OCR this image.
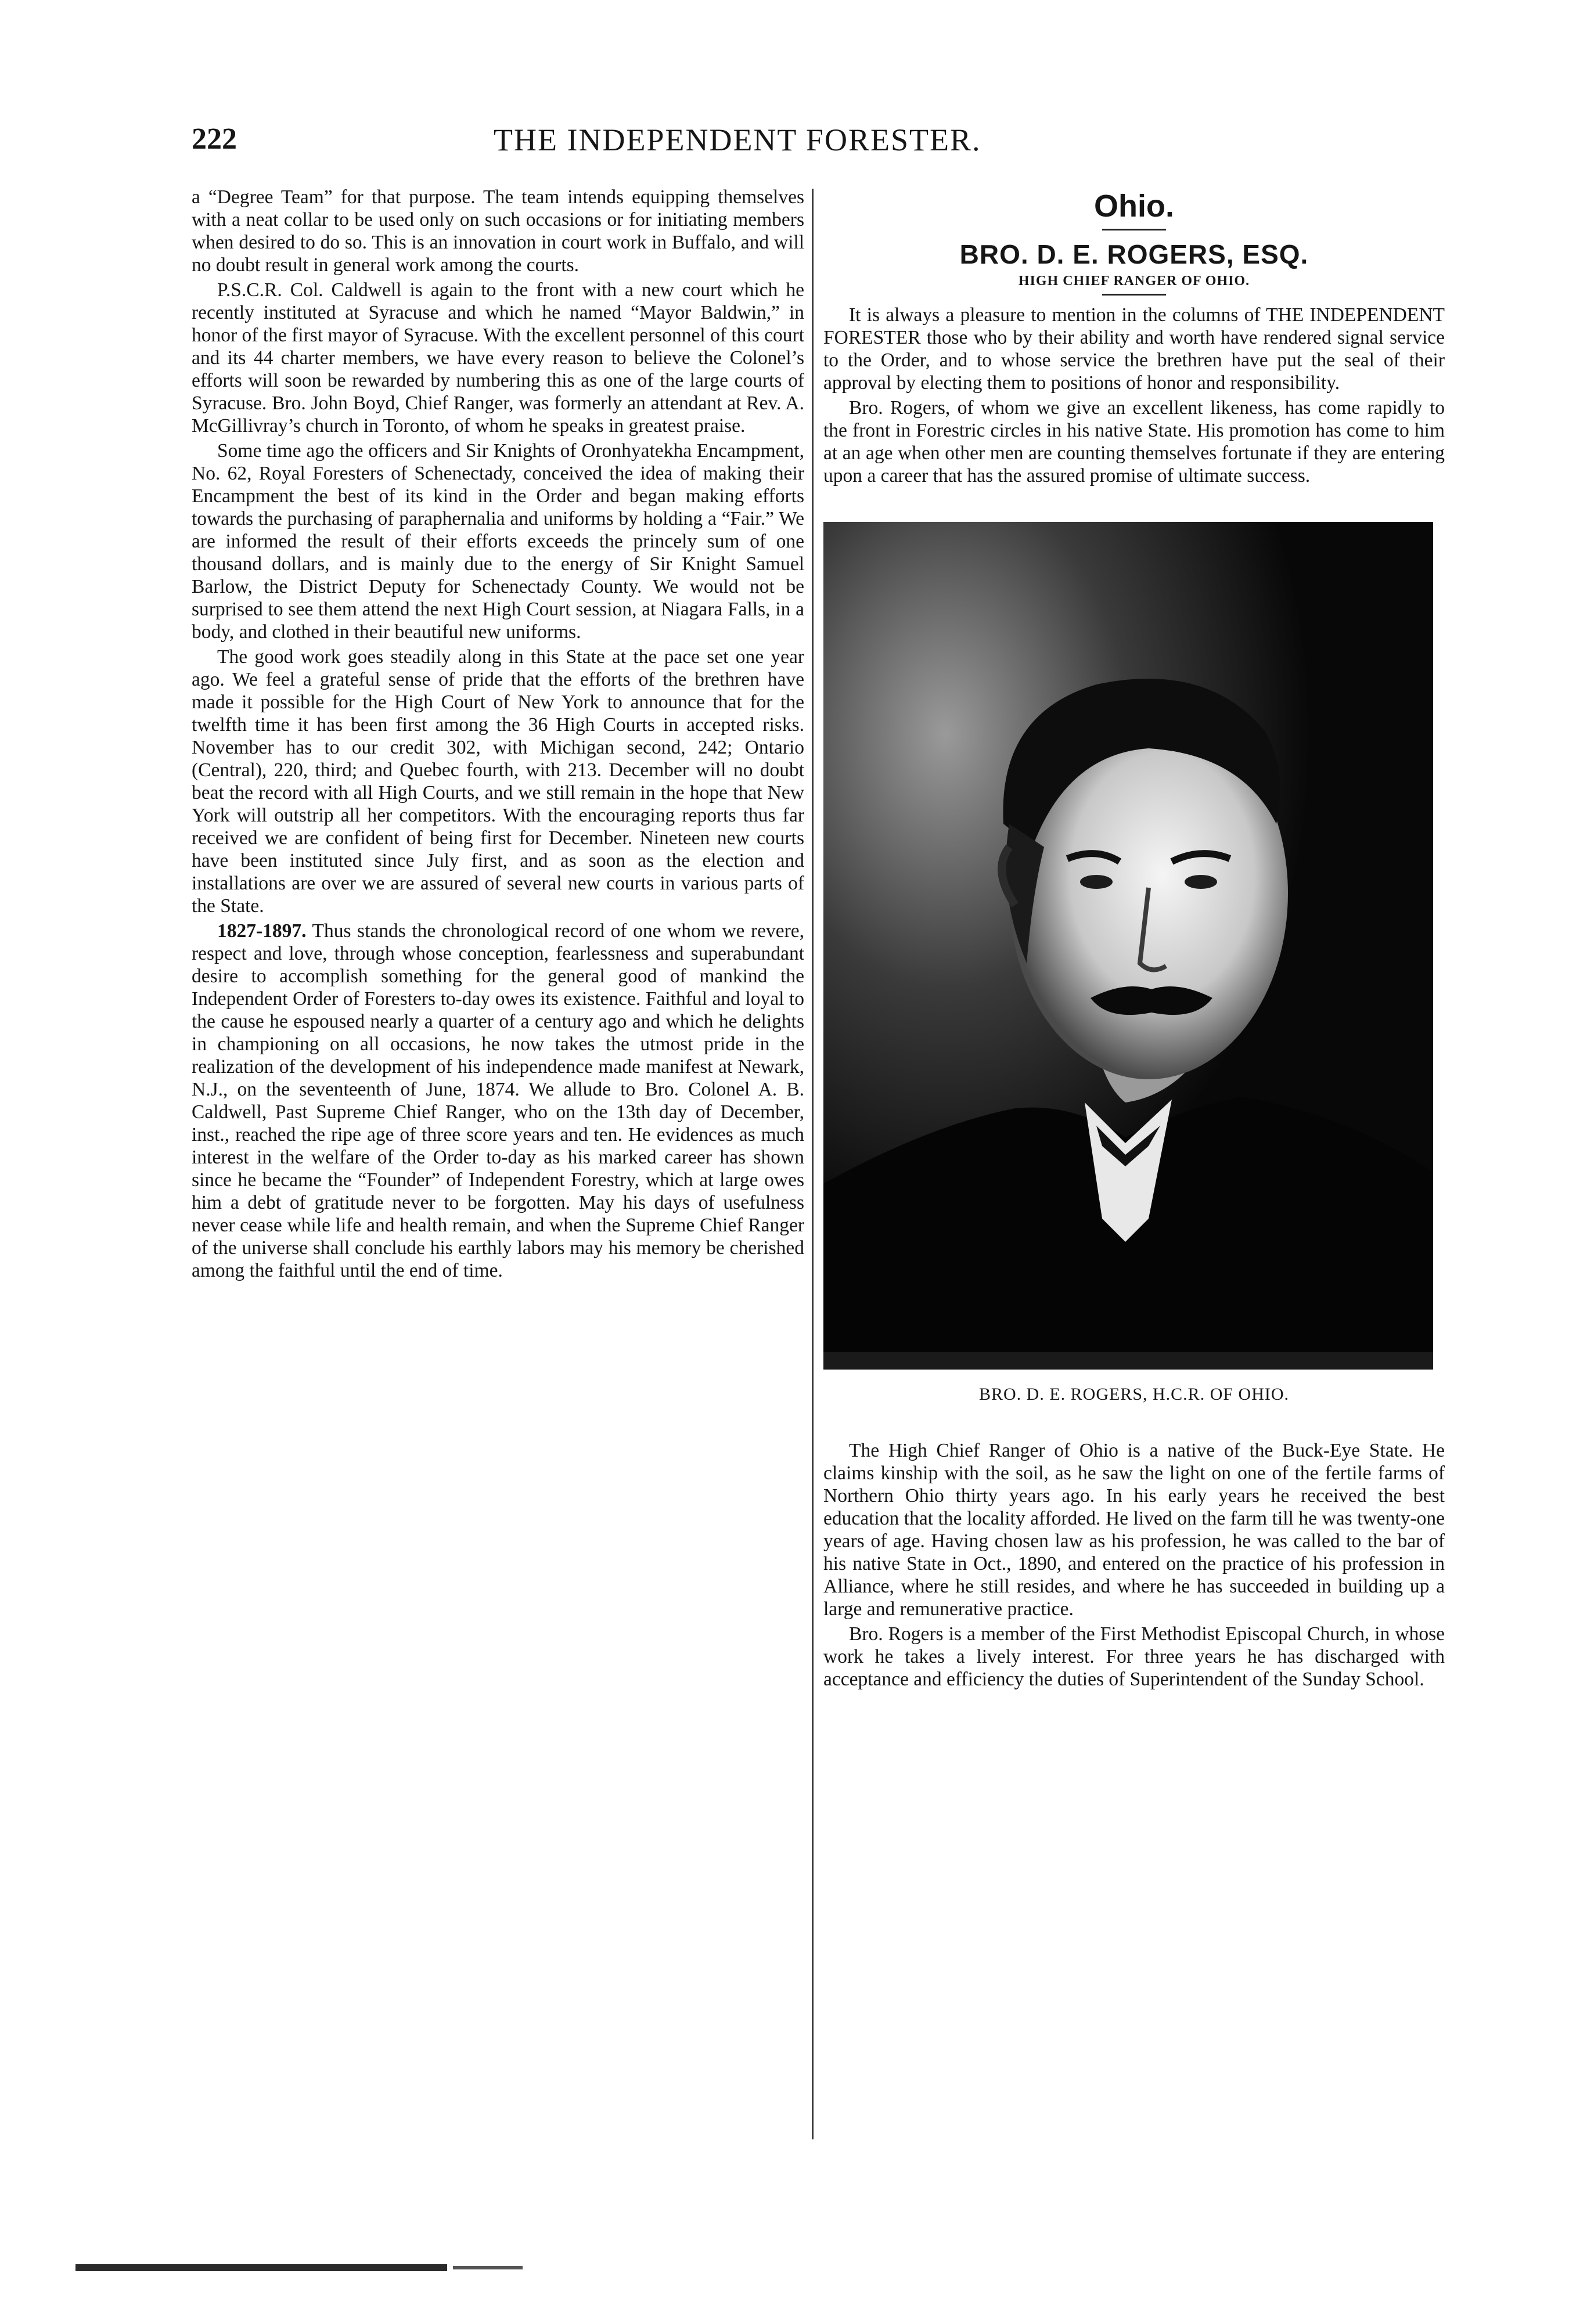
222	THE INDEPENDENT FORESTER.

a “Degree Team” for that purpose. The team intends equipping themselves with a neat collar to be used only on such occasions or for initiating members when desired to do so. This is an innovation in court work in Buffalo, and will no doubt result in general work among the courts.

P.S.C.R. Col. Caldwell is again to the front with a new court which he recently instituted at Syracuse and which he named “Mayor Baldwin,” in honor of the first mayor of Syracuse. With the excellent personnel of this court and its 44 charter members, we have every reason to believe the Colonel’s efforts will soon be rewarded by numbering this as one of the large courts of Syracuse. Bro. John Boyd, Chief Ranger, was formerly an attendant at Rev. A. McGillivray’s church in Toronto, of whom he speaks in greatest praise.

Some time ago the officers and Sir Knights of Oronhyatekha Encampment, No. 62, Royal Foresters of Schenectady, conceived the idea of making their Encampment the best of its kind in the Order and began making efforts towards the purchasing of paraphernalia and uniforms by holding a “Fair.” We are informed the result of their efforts exceeds the princely sum of one thousand dollars, and is mainly due to the energy of Sir Knight Samuel Barlow, the District Deputy for Schenectady County. We would not be surprised to see them attend the next High Court session, at Niagara Falls, in a body, and clothed in their beautiful new uniforms.

The good work goes steadily along in this State at the pace set one year ago. We feel a grateful sense of pride that the efforts of the brethren have made it possible for the High Court of New York to announce that for the twelfth time it has been first among the 36 High Courts in accepted risks. November has to our credit 302, with Michigan second, 242; Ontario (Central), 220, third; and Quebec fourth, with 213. December will no doubt beat the record with all High Courts, and we still remain in the hope that New York will outstrip all her competitors. With the encouraging reports thus far received we are confident of being first for December. Nineteen new courts have been instituted since July first, and as soon as the election and installations are over we are assured of several new courts in various parts of the State.

1827-1897. Thus stands the chronological record of one whom we revere, respect and love, through whose conception, fearlessness and superabundant desire to accomplish something for the general good of mankind the Independent Order of Foresters to-day owes its existence. Faithful and loyal to the cause he espoused nearly a quarter of a century ago and which he delights in championing on all occasions, he now takes the utmost pride in the realization of the development of his independence made manifest at Newark, N.J., on the seventeenth of June, 1874. We allude to Bro. Colonel A. B. Caldwell, Past Supreme Chief Ranger, who on the 13th day of December, inst., reached the ripe age of three score years and ten. He evidences as much interest in the welfare of the Order to-day as his marked career has shown since he became the “Founder” of Independent Forestry, which at large owes him a debt of gratitude never to be forgotten. May his days of usefulness never cease while life and health remain, and when the Supreme Chief Ranger of the universe shall conclude his earthly labors may his memory be cherished among the faithful until the end of time.

Ohio.
BRO. D. E. ROGERS, ESQ.
HIGH CHIEF RANGER OF OHIO.

It is always a pleasure to mention in the columns of THE INDEPENDENT FORESTER those who by their ability and worth have rendered signal service to the Order, and to whose service the brethren have put the seal of their approval by electing them to positions of honor and responsibility.

Bro. Rogers, of whom we give an excellent likeness, has come rapidly to the front in Forestric circles in his native State. His promotion has come to him at an age when other men are counting themselves fortunate if they are entering upon a career that has the assured promise of ultimate success.

BRO. D. E. ROGERS, H.C.R. OF OHIO.

The High Chief Ranger of Ohio is a native of the Buck-Eye State. He claims kinship with the soil, as he saw the light on one of the fertile farms of Northern Ohio thirty years ago. In his early years he received the best education that the locality afforded. He lived on the farm till he was twenty-one years of age. Having chosen law as his profession, he was called to the bar of his native State in Oct., 1890, and entered on the practice of his profession in Alliance, where he still resides, and where he has succeeded in building up a large and remunerative practice.

Bro. Rogers is a member of the First Methodist Episcopal Church, in whose work he takes a lively interest. For three years he has discharged with acceptance and efficiency the duties of Superintendent of the Sunday School.
